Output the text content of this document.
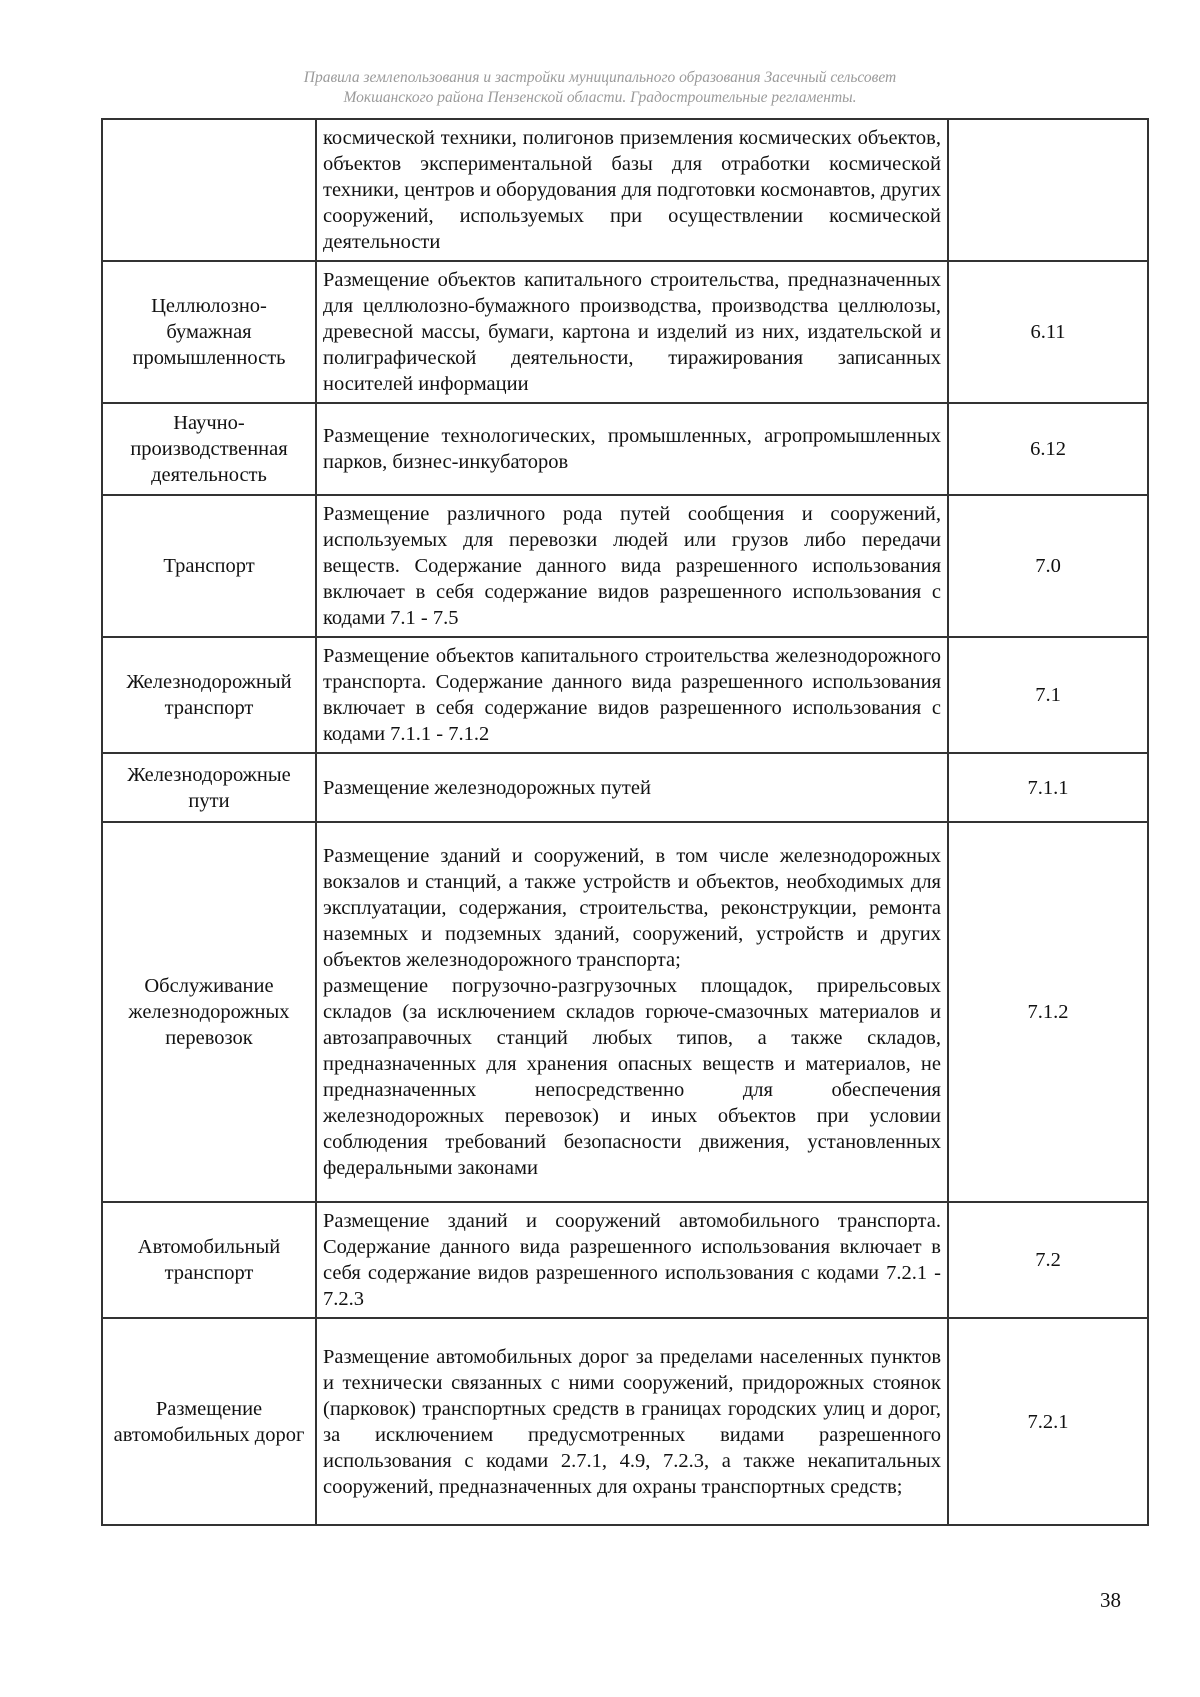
Правила землепользования и застройки муниципального образования Засечный сельсовет
Мокшанского района Пензенской области. Градостроительные регламенты.

	космической техники, полигонов приземления космических объектов, объектов экспериментальной базы для отработки космической техники, центров и оборудования для подготовки космонавтов, других сооружений, используемых при осуществлении космической деятельности	

Целлюлозно-бумажная промышленность	Размещение объектов капитального строительства, предназначенных для целлюлозно-бумажного производства, производства целлюлозы, древесной массы, бумаги, картона и изделий из них, издательской и полиграфической деятельности, тиражирования записанных носителей информации	6.11
Научно-производственная деятельность	Размещение технологических, промышленных, агропромышленных парков, бизнес-инкубаторов	6.12
Транспорт	Размещение различного рода путей сообщения и сооружений, используемых для перевозки людей или грузов либо передачи веществ. Содержание данного вида разрешенного использования включает в себя содержание видов разрешенного использования с кодами 7.1 - 7.5	7.0
Железнодорожный транспорт	Размещение объектов капитального строительства железнодорожного транспорта. Содержание данного вида разрешенного использования включает в себя содержание видов разрешенного использования с кодами 7.1.1 - 7.1.2	7.1
Железнодорожные пути	Размещение железнодорожных путей	7.1.1
Обслуживание железнодорожных перевозок	Размещение зданий и сооружений, в том числе железнодорожных вокзалов и станций, а также устройств и объектов, необходимых для эксплуатации, содержания, строительства, реконструкции, ремонта наземных и подземных зданий, сооружений, устройств и других объектов железнодорожного транспорта;

размещение погрузочно-разгрузочных площадок, прирельсовых складов (за исключением складов горюче-смазочных материалов и автозаправочных станций любых типов, а также складов, предназначенных для хранения опасных веществ и материалов, не предназначенных непосредственно для обеспечения железнодорожных перевозок) и иных объектов при условии соблюдения требований безопасности движения, установленных федеральными законами	7.1.2
Автомобильный транспорт	Размещение зданий и сооружений автомобильного транспорта. Содержание данного вида разрешенного использования включает в себя содержание видов разрешенного использования с кодами 7.2.1 - 7.2.3	7.2
Размещение автомобильных дорог	Размещение автомобильных дорог за пределами населенных пунктов и технически связанных с ними сооружений, придорожных стоянок (парковок) транспортных средств в границах городских улиц и дорог, за исключением предусмотренных видами разрешенного использования с кодами 2.7.1, 4.9, 7.2.3, а также некапитальных сооружений, предназначенных для охраны транспортных средств;	7.2.1
38
